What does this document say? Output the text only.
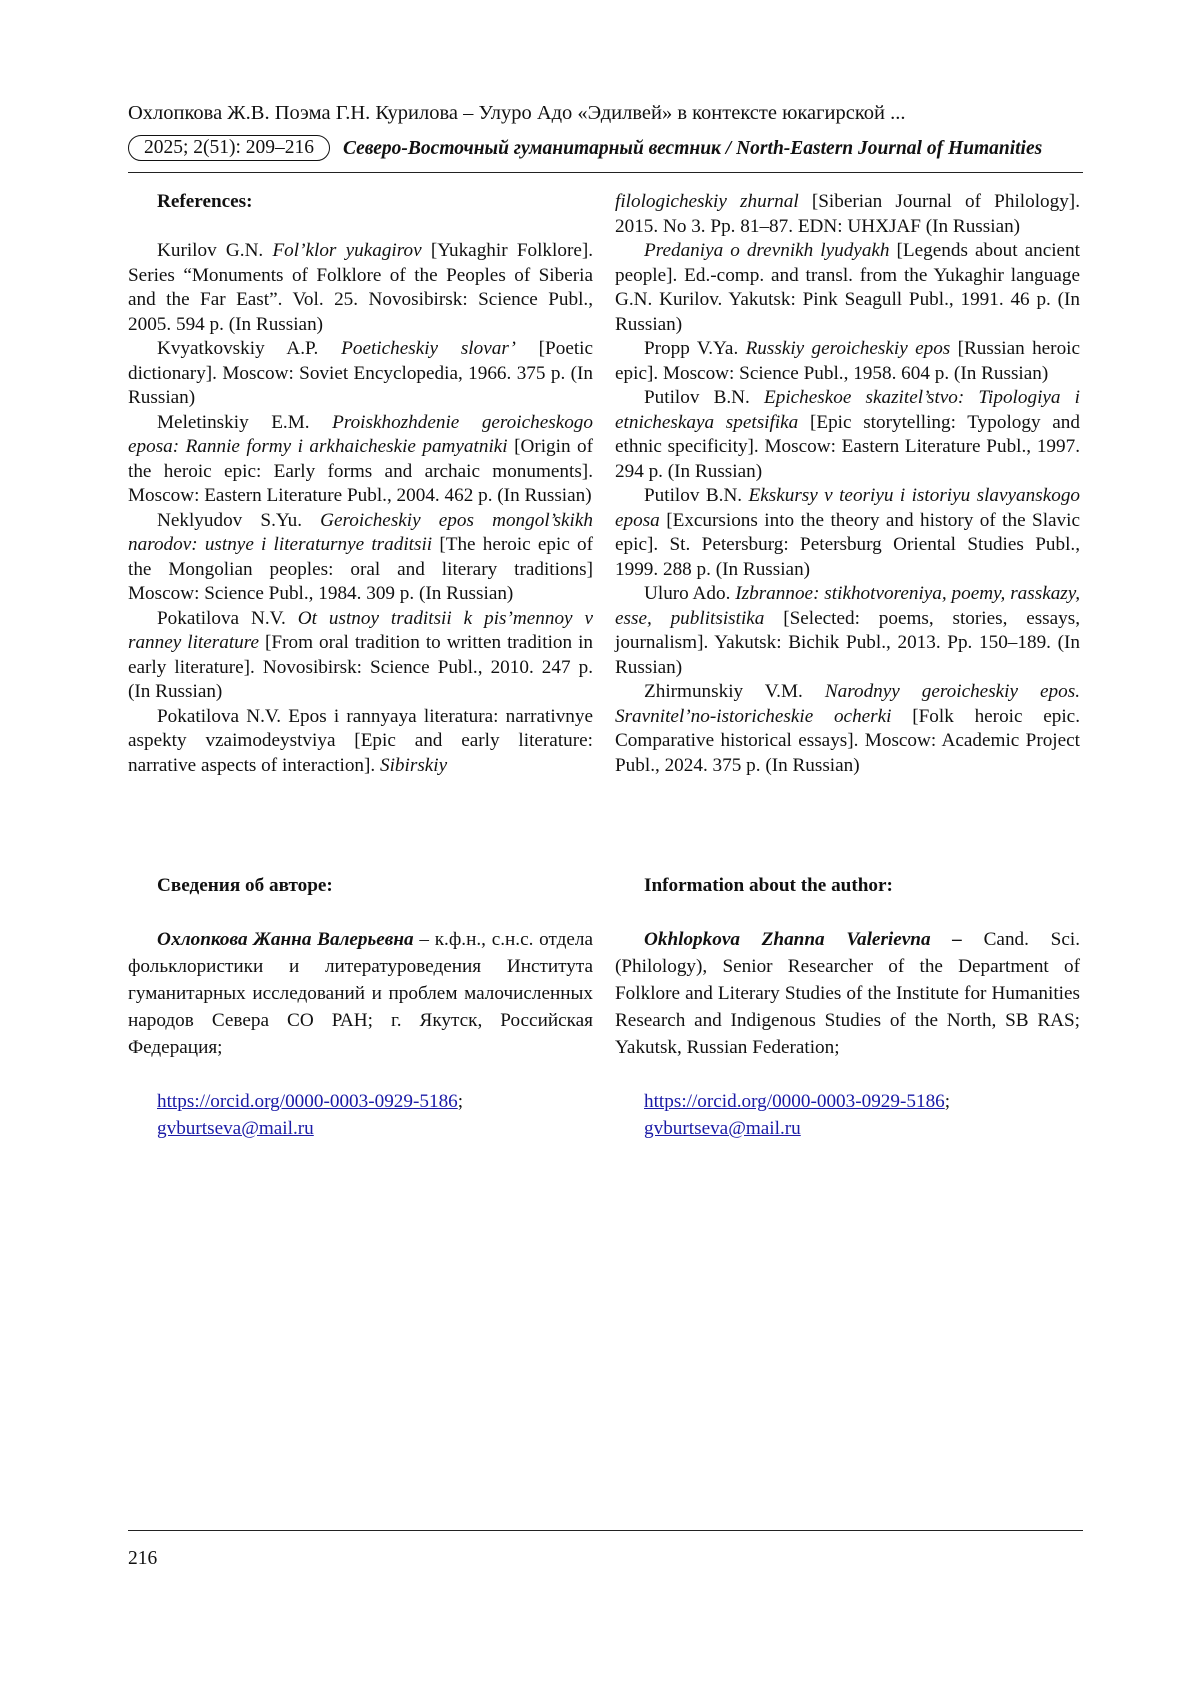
Охлопкова Ж.В. Поэма Г.Н. Курилова – Улуро Адо «Эдилвей» в контексте юкагирской ...
2025; 2(51): 209–216	Северо-Восточный гуманитарный вестник / North-Eastern Journal of Humanities

References:

Kurilov G.N. Fol’klor yukagirov [Yukaghir Folklore]. Series “Monuments of Folklore of the Peoples of Siberia and the Far East”. Vol. 25. Novosibirsk: Science Publ., 2005. 594 p. (In Russian)

Kvyatkovskiy A.P. Poeticheskiy slovar’ [Poetic dictionary]. Moscow: Soviet Encyclopedia, 1966. 375 p. (In Russian)

Meletinskiy E.M. Proiskhozhdenie geroicheskogo eposa: Rannie formy i arkhaicheskie pamyatniki [Origin of the heroic epic: Early forms and archaic monuments]. Moscow: Eastern Literature Publ., 2004. 462 p. (In Russian)

Neklyudov S.Yu. Geroicheskiy epos mongol’skikh narodov: ustnye i literaturnye traditsii [The heroic epic of the Mongolian peoples: oral and literary traditions] Moscow: Science Publ., 1984. 309 p. (In Russian)

Pokatilova N.V. Ot ustnoy traditsii k pis’mennoy v ranney literature [From oral tradition to written tradition in early literature]. Novosibirsk: Science Publ., 2010. 247 p. (In Russian)

Pokatilova N.V. Epos i rannyaya literatura: narrativnye aspekty vzaimodeystviya [Epic and early literature: narrative aspects of interaction]. Sibirskiy

filologicheskiy zhurnal [Siberian Journal of Philology]. 2015. No 3. Pp. 81–87. EDN: UHXJAF (In Russian)

Predaniya o drevnikh lyudyakh [Legends about ancient people]. Ed.-comp. and transl. from the Yukaghir language G.N. Kurilov. Yakutsk: Pink Seagull Publ., 1991. 46 p. (In Russian)

Propp V.Ya. Russkiy geroicheskiy epos [Russian heroic epic]. Moscow: Science Publ., 1958. 604 p. (In Russian)

Putilov B.N. Epicheskoe skazitel’stvo: Tipologiya i etnicheskaya spetsifika [Epic storytelling: Typology and ethnic specificity]. Moscow: Eastern Literature Publ., 1997. 294 p. (In Russian)

Putilov B.N. Ekskursy v teoriyu i istoriyu slavyanskogo eposa [Excursions into the theory and history of the Slavic epic]. St. Petersburg: Petersburg Oriental Studies Publ., 1999. 288 p. (In Russian)

Uluro Ado. Izbrannoe: stikhotvoreniya, poemy, rasskazy, esse, publitsistika [Selected: poems, stories, essays, journalism]. Yakutsk: Bichik Publ., 2013. Pp. 150–189. (In Russian)

Zhirmunskiy V.M. Narodnyy geroicheskiy epos. Sravnitel’no-istoricheskie ocherki [Folk heroic epic. Comparative historical essays]. Moscow: Academic Project Publ., 2024. 375 p. (In Russian)

Сведения об авторе:

Охлопкова Жанна Валерьевна – к.ф.н., с.н.с. отдела фольклористики и литературоведения Института гуманитарных исследований и проблем малочисленных народов Севера СО РАН; г. Якутск, Российская Федерация;

https://orcid.org/0000-0003-0929-5186;
gvburtseva@mail.ru

Information about the author:

Okhlopkova Zhanna Valerievna – Cand. Sci. (Philology), Senior Researcher of the Department of Folklore and Literary Studies of the Institute for Humanities Research and Indigenous Studies of the North, SB RAS; Yakutsk, Russian Federation;

https://orcid.org/0000-0003-0929-5186;
gvburtseva@mail.ru
216
